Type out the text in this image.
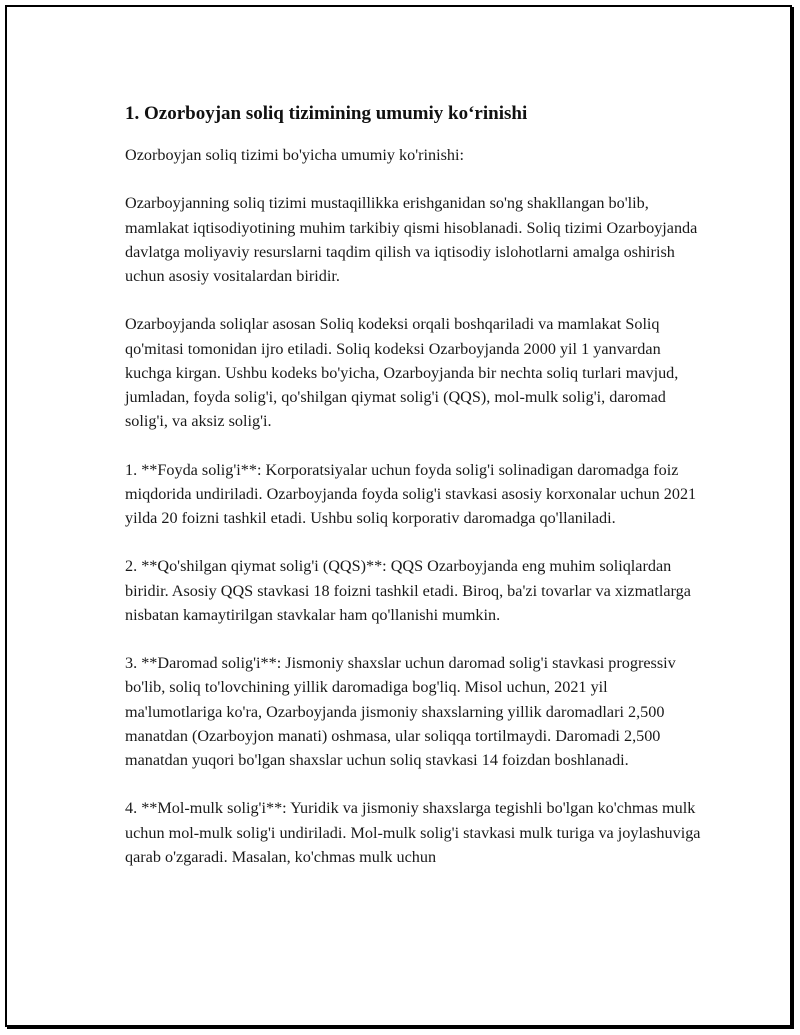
1. Ozorboyjan soliq tizimining umumiy ko‘rinishi

Ozorboyjan soliq tizimi bo'yicha umumiy ko'rinishi:

Ozarboyjanning soliq tizimi mustaqillikka erishganidan so'ng shakllangan bo'lib, mamlakat iqtisodiyotining muhim tarkibiy qismi hisoblanadi. Soliq tizimi Ozarboyjanda davlatga moliyaviy resurslarni taqdim qilish va iqtisodiy islohotlarni amalga oshirish uchun asosiy vositalardan biridir.

Ozarboyjanda soliqlar asosan Soliq kodeksi orqali boshqariladi va mamlakat Soliq qo'mitasi tomonidan ijro etiladi. Soliq kodeksi Ozarboyjanda 2000 yil 1 yanvardan kuchga kirgan. Ushbu kodeks bo'yicha, Ozarboyjanda bir nechta soliq turlari mavjud, jumladan, foyda solig'i, qo'shilgan qiymat solig'i (QQS), mol-mulk solig'i, daromad solig'i, va aksiz solig'i.

1. **Foyda solig'i**: Korporatsiyalar uchun foyda solig'i solinadigan daromadga foiz miqdorida undiriladi. Ozarboyjanda foyda solig'i stavkasi asosiy korxonalar uchun 2021 yilda 20 foizni tashkil etadi. Ushbu soliq korporativ daromadga qo'llaniladi.

2. **Qo'shilgan qiymat solig'i (QQS)**: QQS Ozarboyjanda eng muhim soliqlardan biridir. Asosiy QQS stavkasi 18 foizni tashkil etadi. Biroq, ba'zi tovarlar va xizmatlarga nisbatan kamaytirilgan stavkalar ham qo'llanishi mumkin.

3. **Daromad solig'i**: Jismoniy shaxslar uchun daromad solig'i stavkasi progressiv bo'lib, soliq to'lovchining yillik daromadiga bog'liq. Misol uchun, 2021 yil ma'lumotlariga ko'ra, Ozarboyjanda jismoniy shaxslarning yillik daromadlari 2,500 manatdan (Ozarboyjon manati) oshmasa, ular soliqqa tortilmaydi. Daromadi 2,500 manatdan yuqori bo'lgan shaxslar uchun soliq stavkasi 14 foizdan boshlanadi.

4. **Mol-mulk solig'i**: Yuridik va jismoniy shaxslarga tegishli bo'lgan ko'chmas mulk uchun mol-mulk solig'i undiriladi. Mol-mulk solig'i stavkasi mulk turiga va joylashuviga qarab o'zgaradi. Masalan, ko'chmas mulk uchun
